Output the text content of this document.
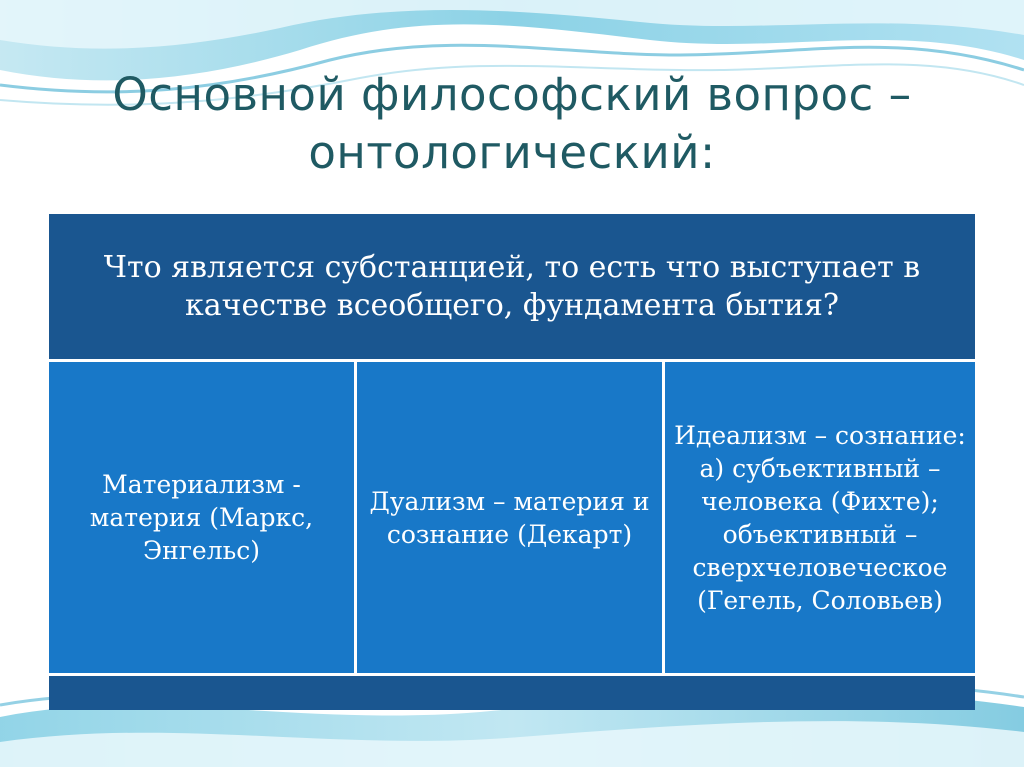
Основной философский вопрос –
онтологический:
Что является субстанцией, то есть что выступает в качестве всеобщего, фундамента бытия?
Материализм - материя (Маркс, Энгельс)
Дуализм – материя и сознание (Декарт)
Идеализм – сознание: а) субъективный – человека (Фихте); объективный – сверхчеловеческое (Гегель, Соловьев)
